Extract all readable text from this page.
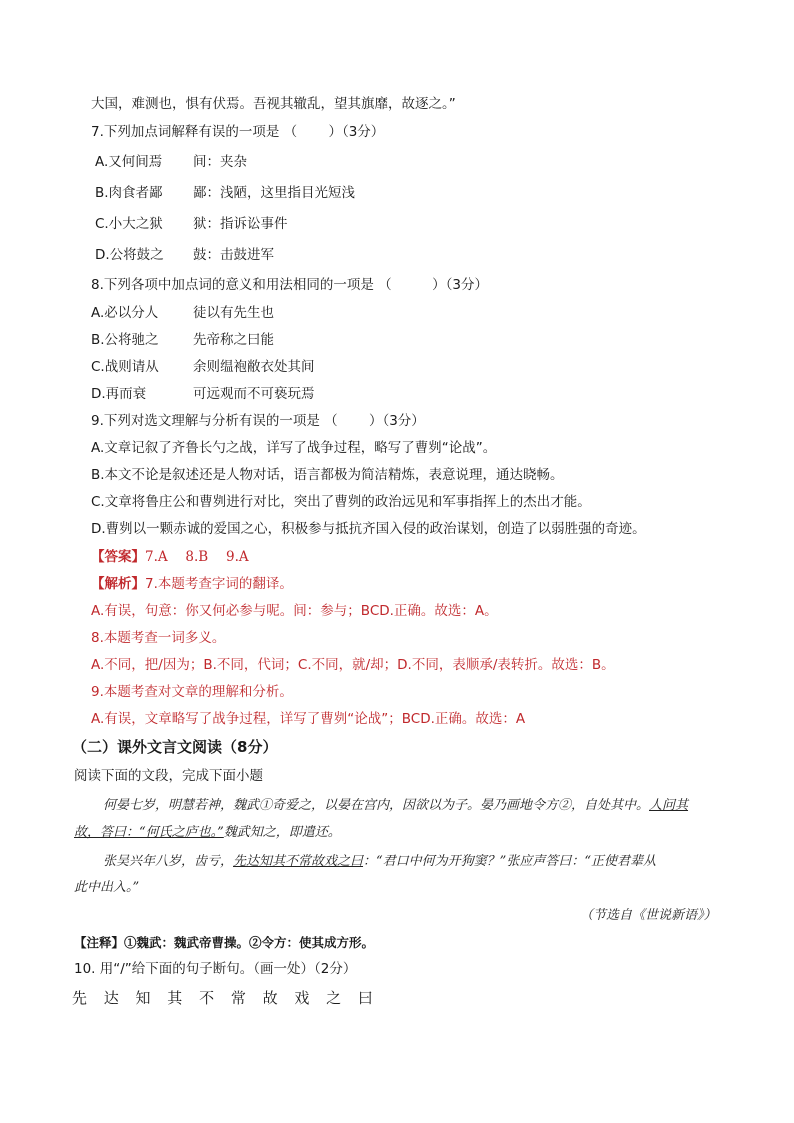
大国，难测也，惧有伏焉。吾视其辙乱，望其旗靡，故逐之。”
7.下列加点词解释有误的一项是 （　　 ）（3分）
A.又何间焉 间：夹杂
B.肉食者鄙 鄙：浅陋，这里指目光短浅
C.小大之狱 狱：指诉讼事件
D.公将鼓之 鼓：击鼓进军
8.下列各项中加点词的意义和用法相同的一项是 （　　　）（3分）
A.必以分人	徒以有先生也
B.公将驰之	先帝称之曰能
C.战则请从	余则缊袍敝衣处其间
D.再而衰	可远观而不可亵玩焉
9.下列对选文理解与分析有误的一项是 （　　 ）（3分）
A.文章记叙了齐鲁长勺之战，详写了战争过程，略写了曹刿“论战”。
B.本文不论是叙述还是人物对话，语言都极为简洁精炼，表意说理，通达晓畅。
C.文章将鲁庄公和曹刿进行对比，突出了曹刿的政治远见和军事指挥上的杰出才能。
D.曹刿以一颗赤诚的爱国之心，积极参与抵抗齐国入侵的政治谋划，创造了以弱胜强的奇迹。
【答案】7.A　 8.B　 9.A
【解析】7.本题考查字词的翻译。
A.有误，句意：你又何必参与呢。间：参与；BCD.正确。故选：A。
8.本题考查一词多义。
A.不同，把/因为；B.不同，代词；C.不同，就/却；D.不同，表顺承/表转折。故选：B。
9.本题考查对文章的理解和分析。
A.有误，文章略写了战争过程，详写了曹刿“论战”；BCD.正确。故选：A
（二）课外文言文阅读（8分）
阅读下面的文段，完成下面小题
何晏七岁，明慧若神，魏武①奇爱之，以晏在宫内，因欲以为子。晏乃画地令方②，自处其中。人问其
故，答曰：“何氏之庐也。”魏武知之，即遣还。
张吴兴年八岁，齿亏，先达知其不常故戏之曰：“君口中何为开狗窦？”张应声答曰：“正使君辈从
此中出入。”
（节选自《世说新语》）
【注释】①魏武：魏武帝曹操。②令方：使其成方形。
10. 用“/”给下面的句子断句。（画一处）（2分）
先 达 知 其 不 常 故 戏 之 曰
